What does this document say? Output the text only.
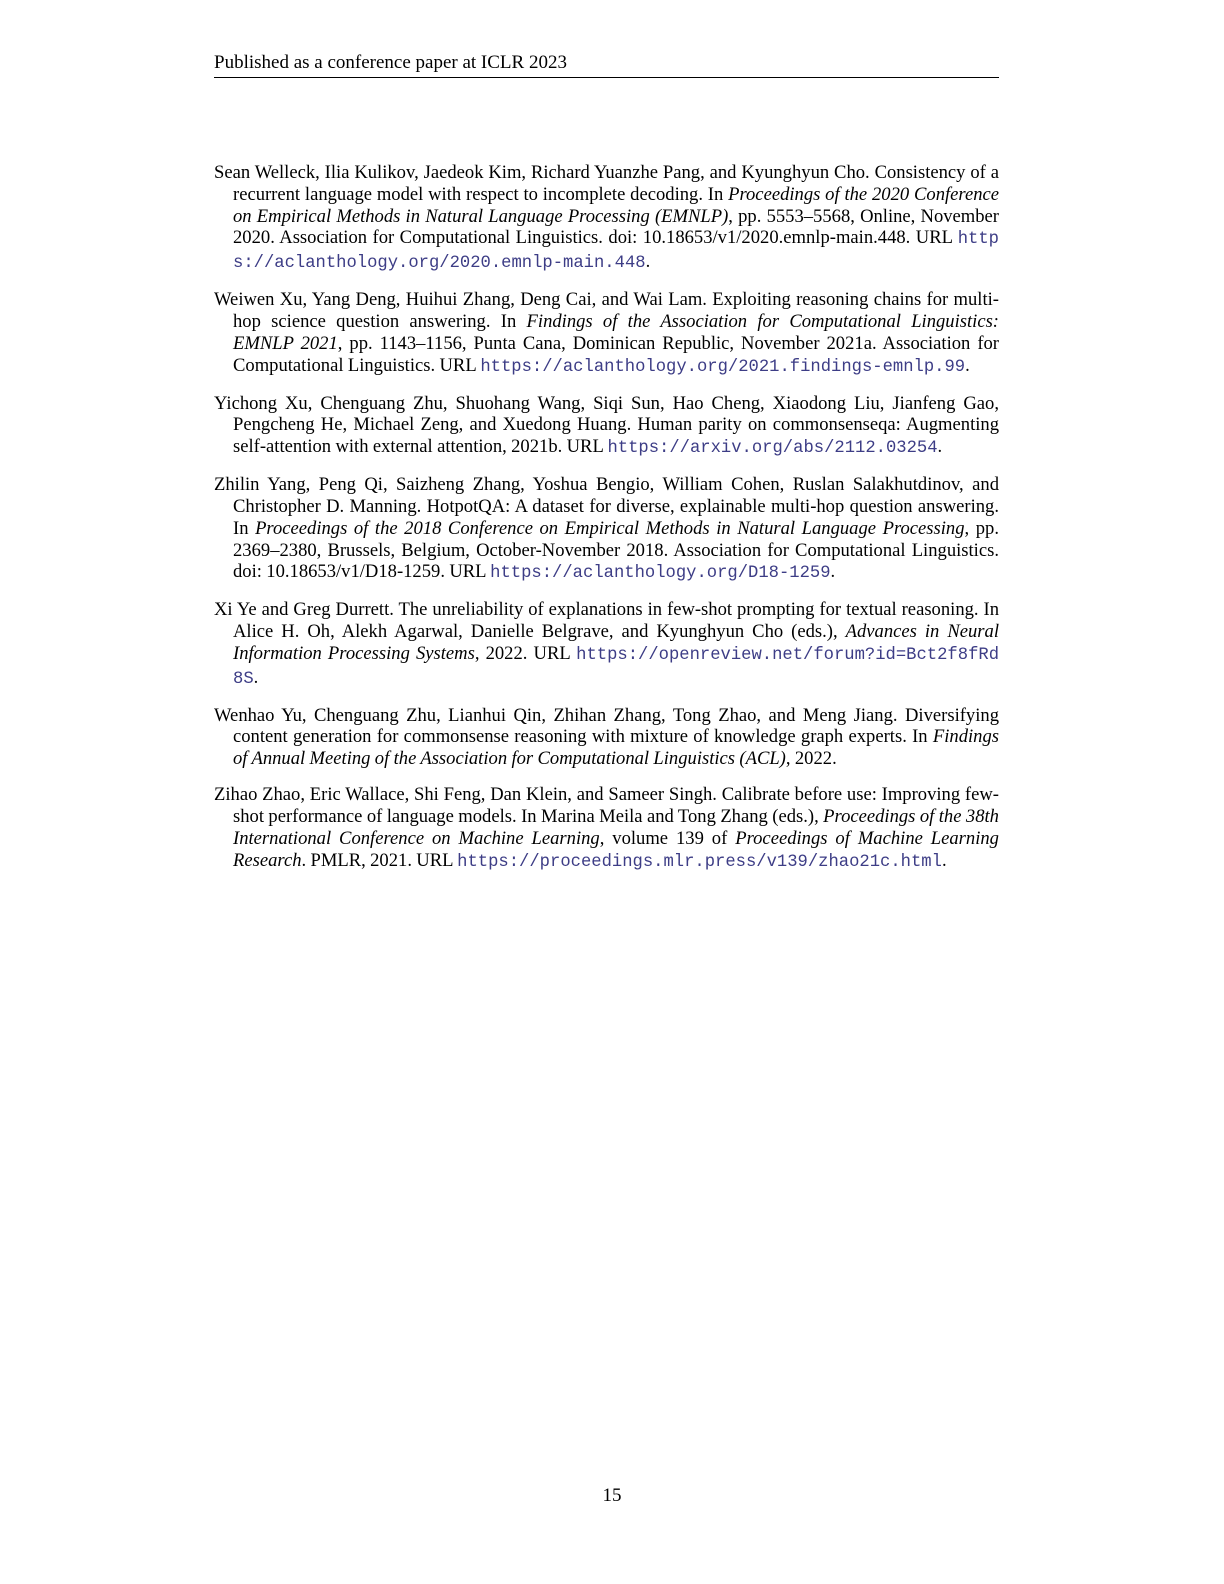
Published as a conference paper at ICLR 2023
Sean Welleck, Ilia Kulikov, Jaedeok Kim, Richard Yuanzhe Pang, and Kyunghyun Cho. Consistency of a recurrent language model with respect to incomplete decoding. In Proceedings of the 2020 Conference on Empirical Methods in Natural Language Processing (EMNLP), pp. 5553–5568, Online, November 2020. Association for Computational Linguistics. doi: 10.18653/v1/2020.emnlp-main.448. URL https://aclanthology.org/2020.emnlp-main.448.
Weiwen Xu, Yang Deng, Huihui Zhang, Deng Cai, and Wai Lam. Exploiting reasoning chains for multi-hop science question answering. In Findings of the Association for Computational Linguistics: EMNLP 2021, pp. 1143–1156, Punta Cana, Dominican Republic, November 2021a. Association for Computational Linguistics. URL https://aclanthology.org/2021.findings-emnlp.99.
Yichong Xu, Chenguang Zhu, Shuohang Wang, Siqi Sun, Hao Cheng, Xiaodong Liu, Jianfeng Gao, Pengcheng He, Michael Zeng, and Xuedong Huang. Human parity on commonsenseqa: Augmenting self-attention with external attention, 2021b. URL https://arxiv.org/abs/2112.03254.
Zhilin Yang, Peng Qi, Saizheng Zhang, Yoshua Bengio, William Cohen, Ruslan Salakhutdinov, and Christopher D. Manning. HotpotQA: A dataset for diverse, explainable multi-hop question answering. In Proceedings of the 2018 Conference on Empirical Methods in Natural Language Processing, pp. 2369–2380, Brussels, Belgium, October-November 2018. Association for Computational Linguistics. doi: 10.18653/v1/D18-1259. URL https://aclanthology.org/D18-1259.
Xi Ye and Greg Durrett. The unreliability of explanations in few-shot prompting for textual reasoning. In Alice H. Oh, Alekh Agarwal, Danielle Belgrave, and Kyunghyun Cho (eds.), Advances in Neural Information Processing Systems, 2022. URL https://openreview.net/forum?id=Bct2f8fRd8S.
Wenhao Yu, Chenguang Zhu, Lianhui Qin, Zhihan Zhang, Tong Zhao, and Meng Jiang. Diversifying content generation for commonsense reasoning with mixture of knowledge graph experts. In Findings of Annual Meeting of the Association for Computational Linguistics (ACL), 2022.
Zihao Zhao, Eric Wallace, Shi Feng, Dan Klein, and Sameer Singh. Calibrate before use: Improving few-shot performance of language models. In Marina Meila and Tong Zhang (eds.), Proceedings of the 38th International Conference on Machine Learning, volume 139 of Proceedings of Machine Learning Research. PMLR, 2021. URL https://proceedings.mlr.press/v139/zhao21c.html.
15
